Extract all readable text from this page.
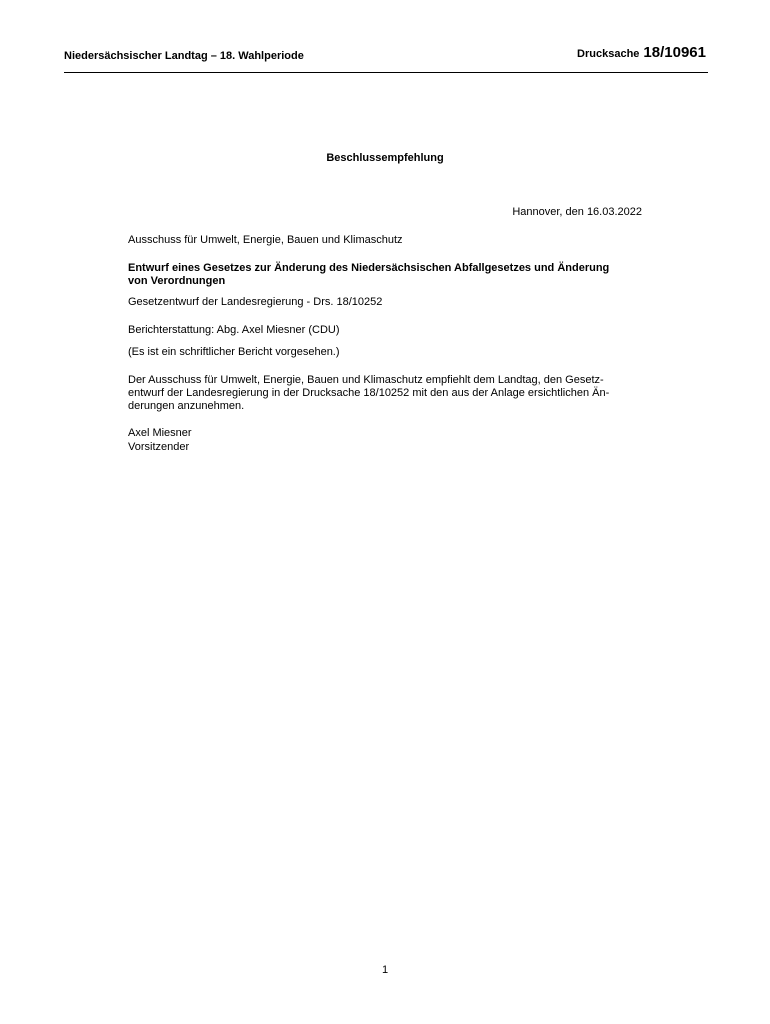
Niedersächsischer Landtag – 18. Wahlperiode	Drucksache 18/10961
Beschlussempfehlung
Hannover, den 16.03.2022
Ausschuss für Umwelt, Energie, Bauen und Klimaschutz
Entwurf eines Gesetzes zur Änderung des Niedersächsischen Abfallgesetzes und Änderung
von Verordnungen
Gesetzentwurf der Landesregierung - Drs. 18/10252
Berichterstattung: Abg. Axel Miesner (CDU)
(Es ist ein schriftlicher Bericht vorgesehen.)
Der Ausschuss für Umwelt, Energie, Bauen und Klimaschutz empfiehlt dem Landtag, den Gesetz-
entwurf der Landesregierung in der Drucksache 18/10252 mit den aus der Anlage ersichtlichen Än-
derungen anzunehmen.
Axel Miesner
Vorsitzender
1
